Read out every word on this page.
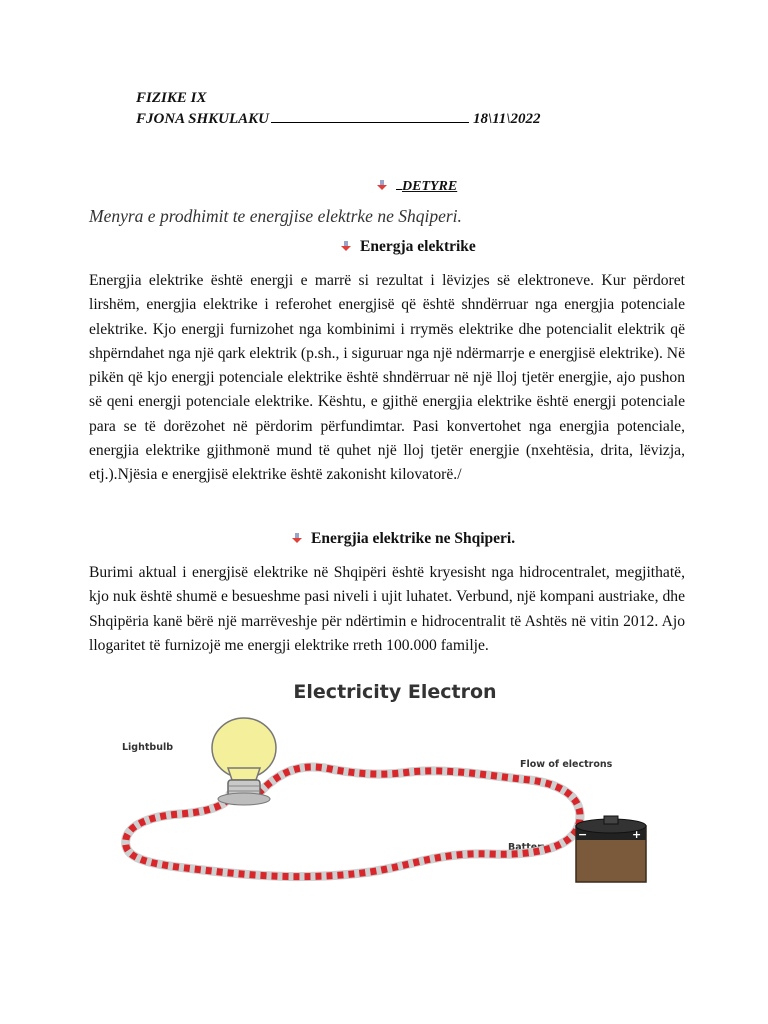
FIZIKE IX
FJONA SHKULAKU	18\11\2022
DETYRE
Menyra e prodhimit te energjise elektrke ne Shqiperi.
Energja elektrike

Energjia elektrike është energji e marrë si rezultat i lëvizjes së elektroneve. Kur përdoret lirshëm, energjia elektrike i referohet energjisë që është shndërruar nga energjia potenciale elektrike. Kjo energji furnizohet nga kombinimi i rrymës elektrike dhe potencialit elektrik që shpërndahet nga një qark elektrik (p.sh., i siguruar nga një ndërmarrje e energjisë elektrike). Në pikën që kjo energji potenciale elektrike është shndërruar në një lloj tjetër energjie, ajo pushon së qeni energji potenciale elektrike. Kështu, e gjithë energjia elektrike është energji potenciale para se të dorëzohet në përdorim përfundimtar. Pasi konvertohet nga energjia potenciale, energjia elektrike gjithmonë mund të quhet një lloj tjetër energjie (nxehtësia, drita, lëvizja, etj.).Njësia e energjisë elektrike është zakonisht kilovatorë./

Energjia elektrike ne Shqiperi.

Burimi aktual i energjisë elektrike në Shqipëri është kryesisht nga hidrocentralet, megjithatë, kjo nuk është shumë e besueshme pasi niveli i ujit luhatet. Verbund, një kompani austriake, dhe Shqipëria kanë bërë një marrëveshje për ndërtimin e hidrocentralit të Ashtës në vitin 2012. Ajo llogaritet të furnizojë me energji elektrike rreth 100.000 familje.

Electricity Electron
Lightbulb
Flow of electrons
Battery
−	+
